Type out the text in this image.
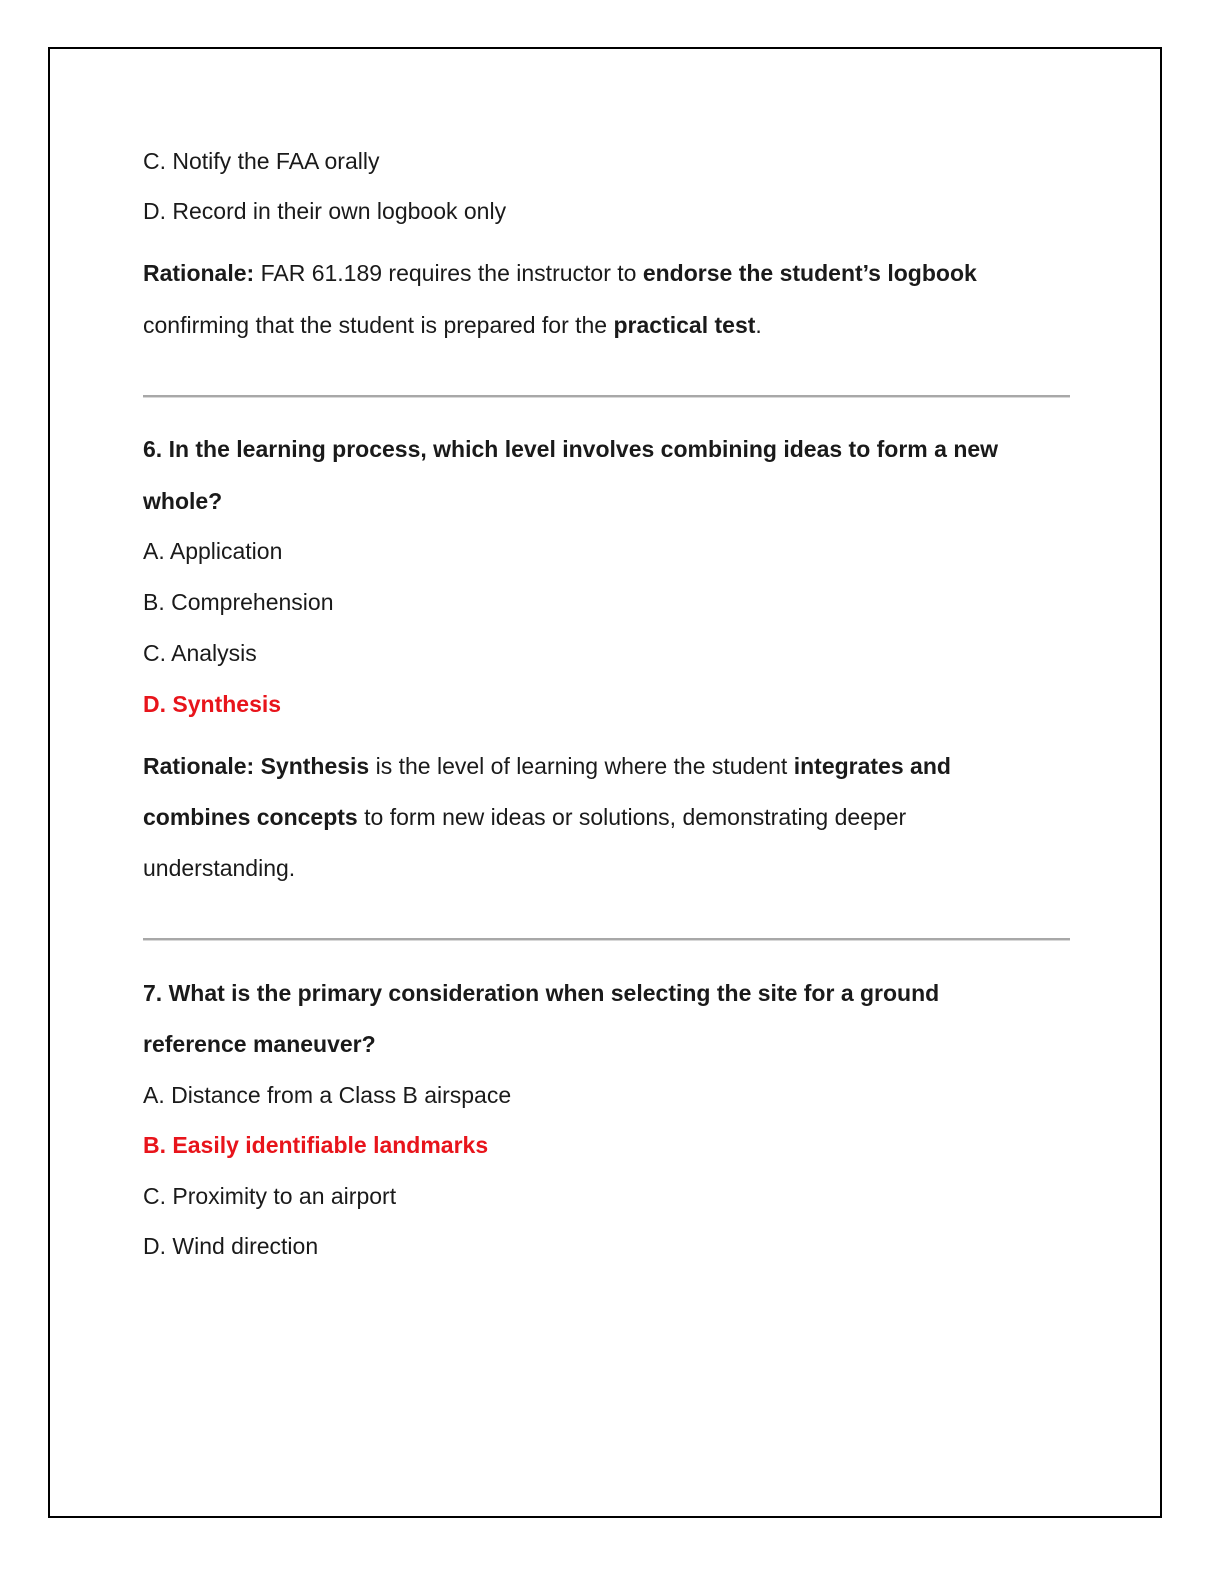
C. Notify the FAA orally
D. Record in their own logbook only
Rationale: FAR 61.189 requires the instructor to endorse the student’s logbook
confirming that the student is prepared for the practical test.
6. In the learning process, which level involves combining ideas to form a new
whole?
A. Application
B. Comprehension
C. Analysis
D. Synthesis
Rationale: Synthesis is the level of learning where the student integrates and
combines concepts to form new ideas or solutions, demonstrating deeper
understanding.
7. What is the primary consideration when selecting the site for a ground
reference maneuver?
A. Distance from a Class B airspace
B. Easily identifiable landmarks
C. Proximity to an airport
D. Wind direction
